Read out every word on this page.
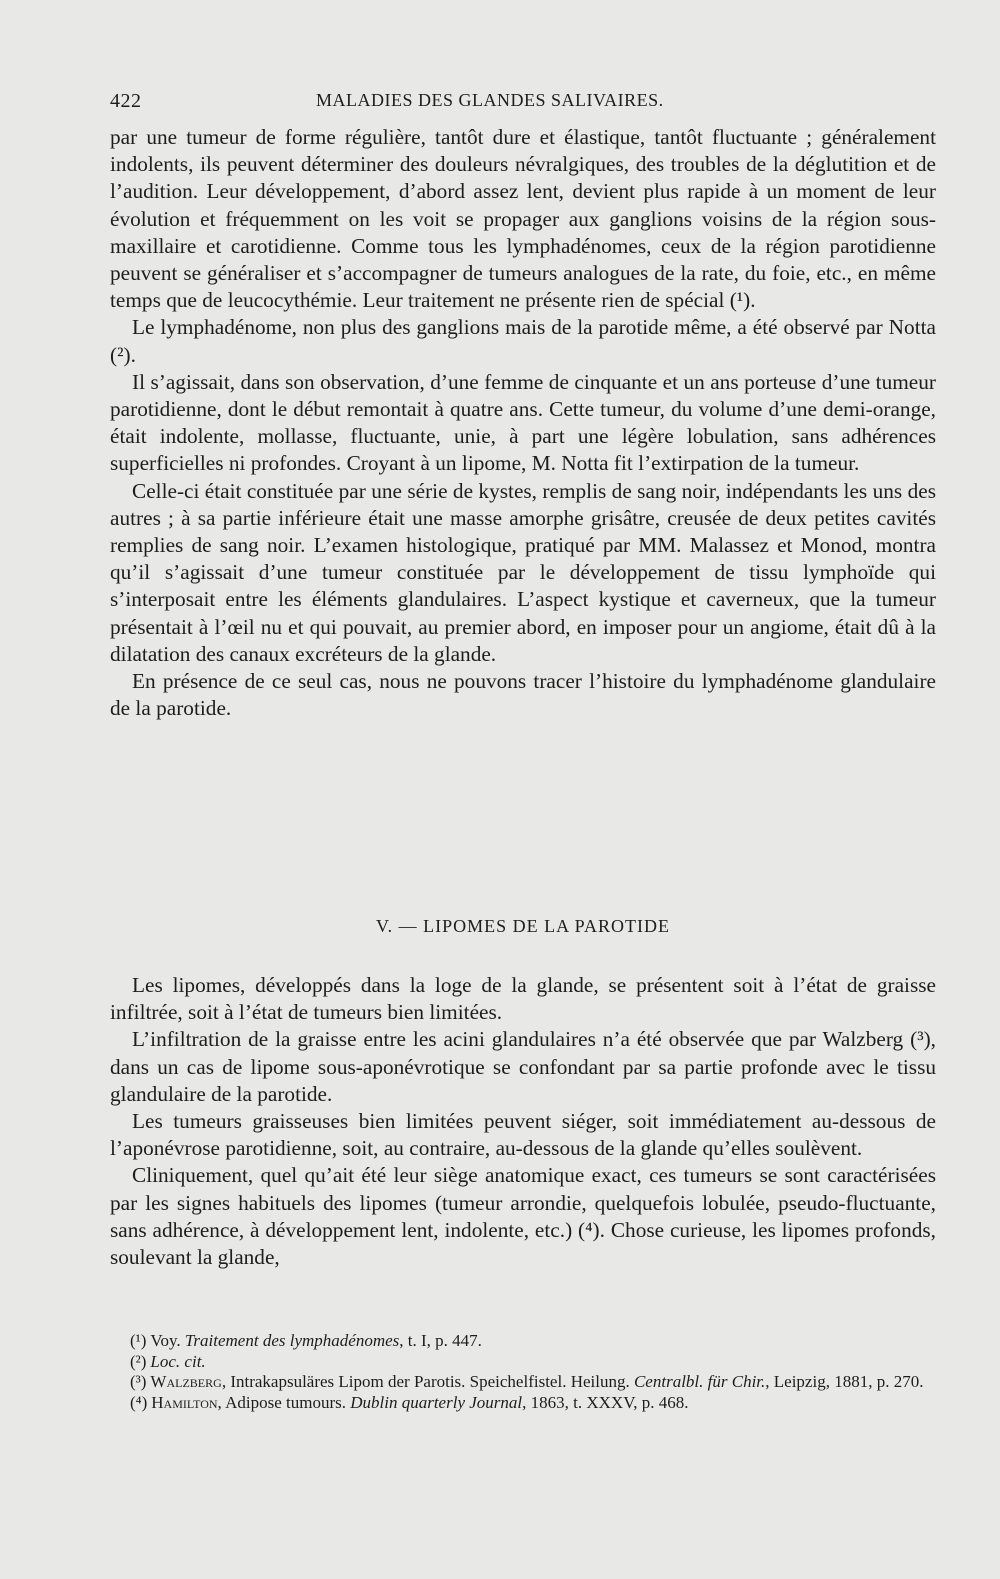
422	MALADIES DES GLANDES SALIVAIRES.

par une tumeur de forme régulière, tantôt dure et élastique, tantôt fluctuante ; généralement indolents, ils peuvent déterminer des douleurs névralgiques, des troubles de la déglutition et de l’audition. Leur développement, d’abord assez lent, devient plus rapide à un moment de leur évolution et fréquemment on les voit se propager aux ganglions voisins de la région sous-maxillaire et carotidienne. Comme tous les lymphadénomes, ceux de la région parotidienne peuvent se généraliser et s’accompagner de tumeurs analogues de la rate, du foie, etc., en même temps que de leucocythémie. Leur traitement ne présente rien de spécial (¹).

Le lymphadénome, non plus des ganglions mais de la parotide même, a été observé par Notta (²).

Il s’agissait, dans son observation, d’une femme de cinquante et un ans porteuse d’une tumeur parotidienne, dont le début remontait à quatre ans. Cette tumeur, du volume d’une demi-orange, était indolente, mollasse, fluctuante, unie, à part une légère lobulation, sans adhérences superficielles ni profondes. Croyant à un lipome, M. Notta fit l’extirpation de la tumeur.

Celle-ci était constituée par une série de kystes, remplis de sang noir, indépendants les uns des autres ; à sa partie inférieure était une masse amorphe grisâtre, creusée de deux petites cavités remplies de sang noir. L’examen histologique, pratiqué par MM. Malassez et Monod, montra qu’il s’agissait d’une tumeur constituée par le développement de tissu lymphoïde qui s’interposait entre les éléments glandulaires. L’aspect kystique et caverneux, que la tumeur présentait à l’œil nu et qui pouvait, au premier abord, en imposer pour un angiome, était dû à la dilatation des canaux excréteurs de la glande.

En présence de ce seul cas, nous ne pouvons tracer l’histoire du lymphadénome glandulaire de la parotide.

V. — LIPOMES DE LA PAROTIDE

Les lipomes, développés dans la loge de la glande, se présentent soit à l’état de graisse infiltrée, soit à l’état de tumeurs bien limitées.

L’infiltration de la graisse entre les acini glandulaires n’a été observée que par Walzberg (³), dans un cas de lipome sous-aponévrotique se confondant par sa partie profonde avec le tissu glandulaire de la parotide.

Les tumeurs graisseuses bien limitées peuvent siéger, soit immédiatement au-dessous de l’aponévrose parotidienne, soit, au contraire, au-dessous de la glande qu’elles soulèvent.

Cliniquement, quel qu’ait été leur siège anatomique exact, ces tumeurs se sont caractérisées par les signes habituels des lipomes (tumeur arrondie, quelquefois lobulée, pseudo-fluctuante, sans adhérence, à développement lent, indolente, etc.) (⁴). Chose curieuse, les lipomes profonds, soulevant la glande,

(¹) Voy. Traitement des lymphadénomes, t. I, p. 447.

(²) Loc. cit.

(³) Walzberg, Intrakapsuläres Lipom der Parotis. Speichelfistel. Heilung. Centralbl. für Chir., Leipzig, 1881, p. 270.

(⁴) Hamilton, Adipose tumours. Dublin quarterly Journal, 1863, t. XXXV, p. 468.
